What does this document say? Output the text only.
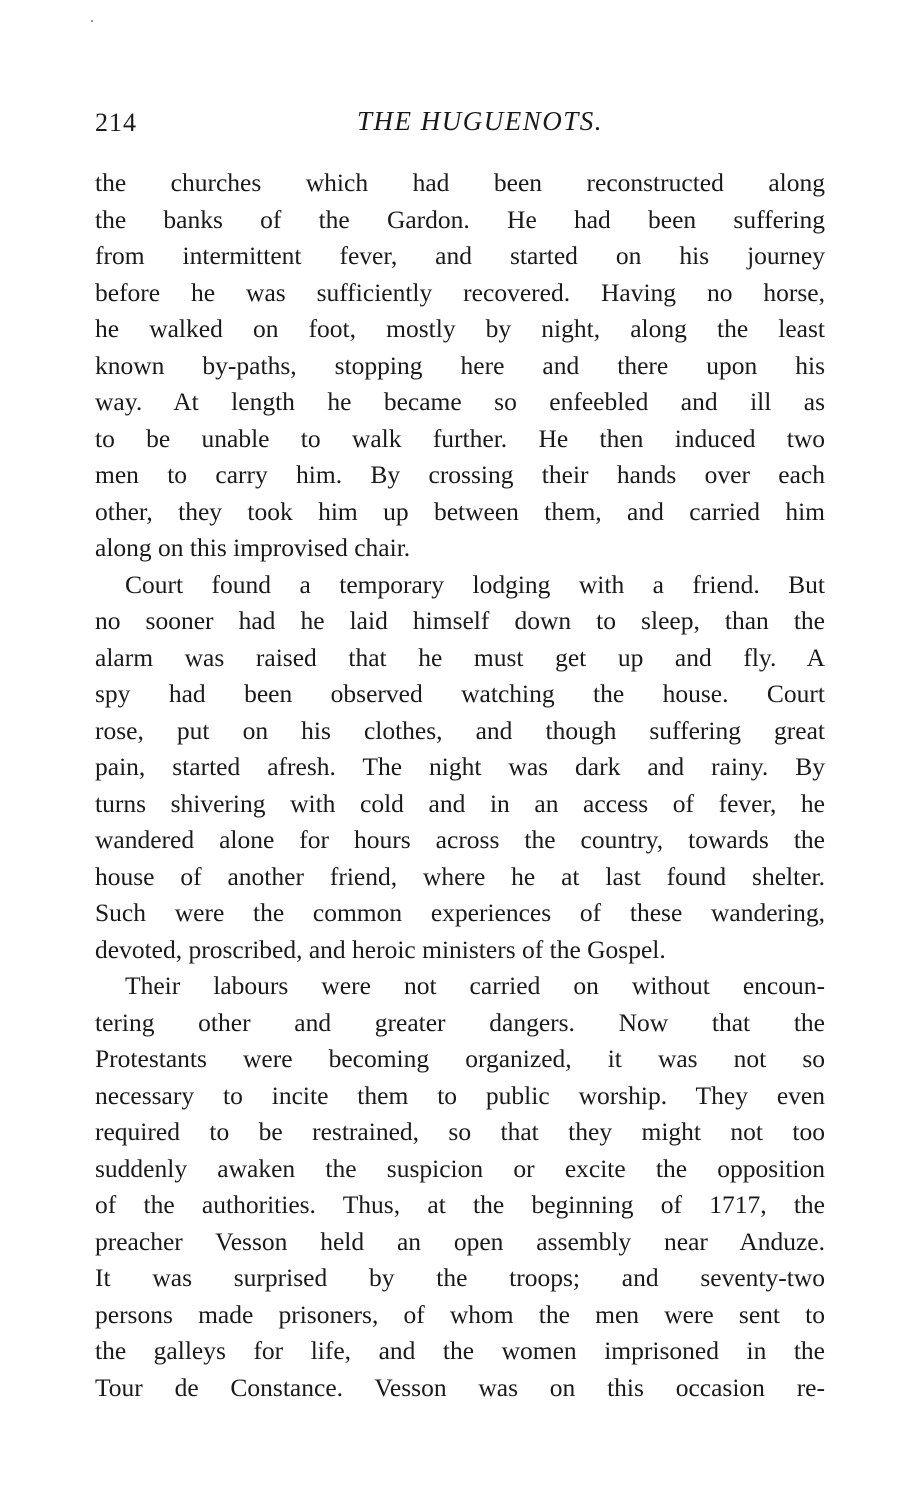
214	THE HUGUENOTS.
the churches which had been reconstructed along
the banks of the Gardon. He had been suffering
from intermittent fever, and started on his journey
before he was sufficiently recovered. Having no horse,
he walked on foot, mostly by night, along the least
known by-paths, stopping here and there upon his
way. At length he became so enfeebled and ill as
to be unable to walk further. He then induced two
men to carry him. By crossing their hands over each
other, they took him up between them, and carried him
along on this improvised chair.
Court found a temporary lodging with a friend. But
no sooner had he laid himself down to sleep, than the
alarm was raised that he must get up and fly. A
spy had been observed watching the house. Court
rose, put on his clothes, and though suffering great
pain, started afresh. The night was dark and rainy. By
turns shivering with cold and in an access of fever, he
wandered alone for hours across the country, towards the
house of another friend, where he at last found shelter.
Such were the common experiences of these wandering,
devoted, proscribed, and heroic ministers of the Gospel.
Their labours were not carried on without encoun-
tering other and greater dangers. Now that the
Protestants were becoming organized, it was not so
necessary to incite them to public worship. They even
required to be restrained, so that they might not too
suddenly awaken the suspicion or excite the opposition
of the authorities. Thus, at the beginning of 1717, the
preacher Vesson held an open assembly near Anduze.
It was surprised by the troops; and seventy-two
persons made prisoners, of whom the men were sent to
the galleys for life, and the women imprisoned in the
Tour de Constance. Vesson was on this occasion re-
